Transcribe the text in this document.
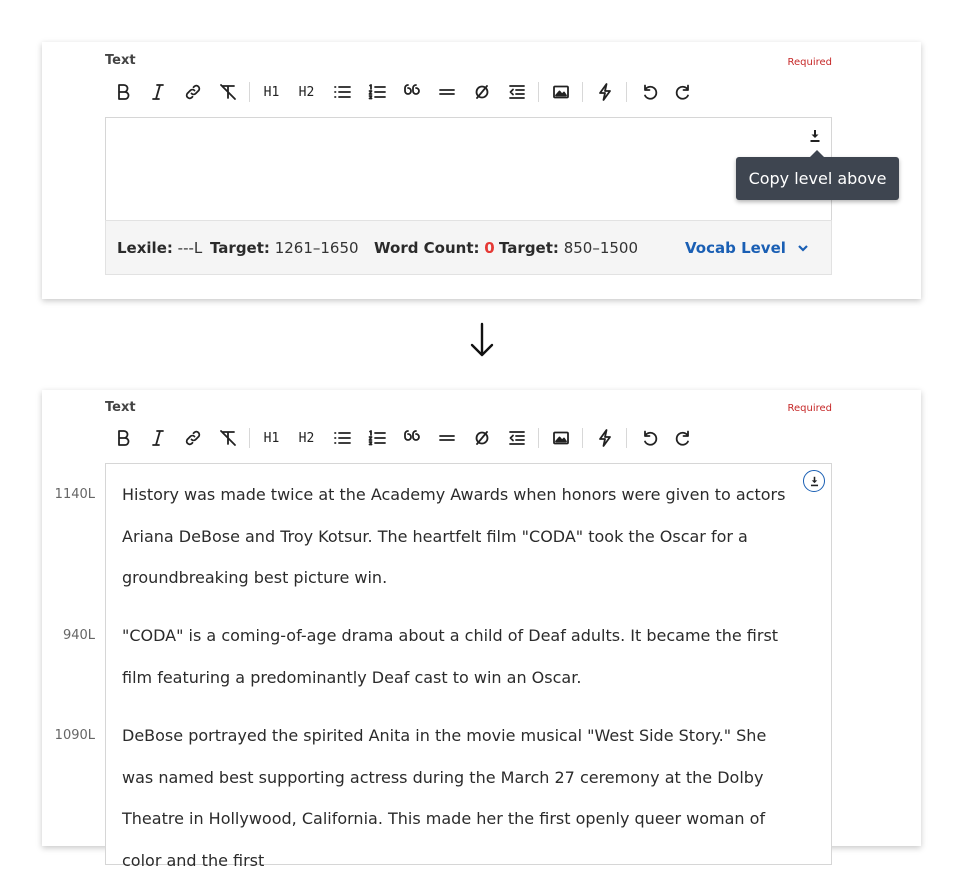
Text	Required
H1	H2
Copy level above
Lexile: ---L Target: 1261–1650 Word Count: 0 Target: 850–1500	Vocab Level
Text	Required
H1	H2
1140L History was made twice at the Academy Awards when honors were given to actors Ariana DeBose and Troy Kotsur. The heartfelt film "CODA" took the Oscar for a groundbreaking best picture win.
940L "CODA" is a coming-of-age drama about a child of Deaf adults. It became the first film featuring a predominantly Deaf cast to win an Oscar.
1090L DeBose portrayed the spirited Anita in the movie musical "West Side Story." She was named best supporting actress during the March 27 ceremony at the Dolby Theatre in Hollywood, California. This made her the first openly queer woman of color and the first
